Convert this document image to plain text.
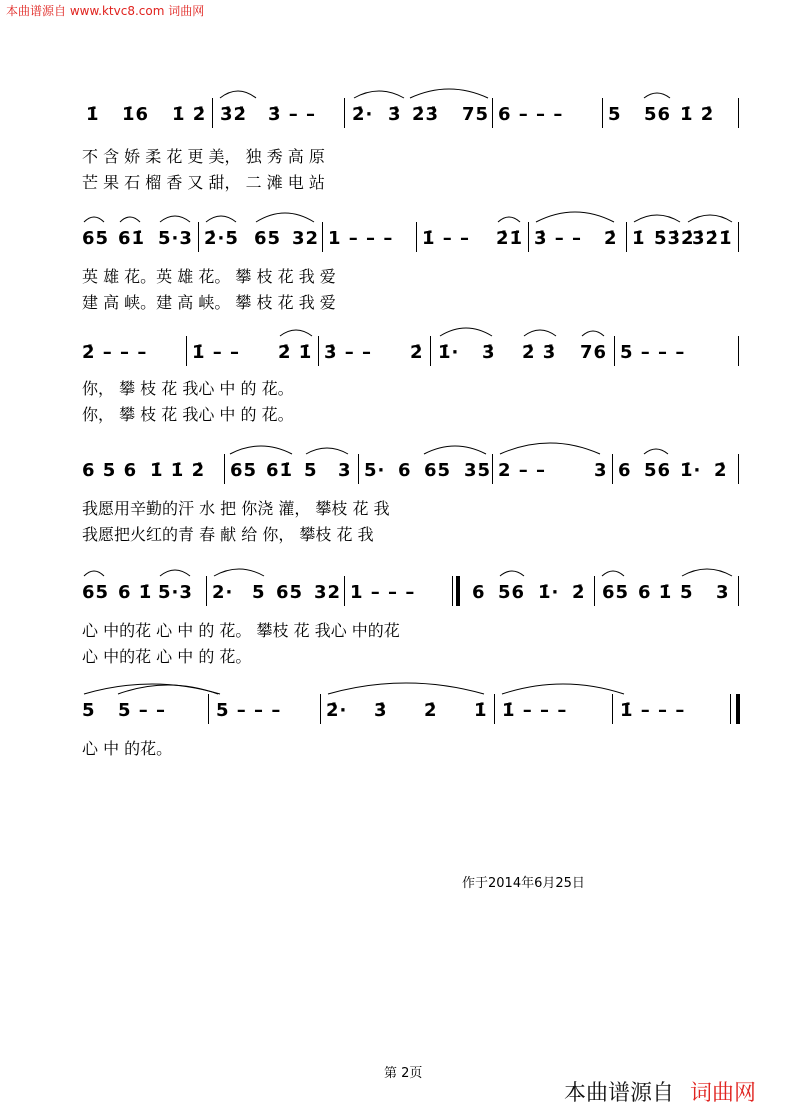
本曲谱源自 www.ktvc8.com 词曲网
1̇ 1̇6 1̇ 2̇ 3̇2̇ 3̇ – – 2̇· 3̇ 2̇3̇ 75 6 – – – 5 56 1̇ 2̇
不 含 娇 柔 花 更 美， 独 秀 高 原
芒 果 石 榴 香 又 甜， 二 滩 电 站
65 61̇ 5·3 2̇·5 65 32 1 – – – 1̇ – – 2̇1̇ 3̇ – – 2̇ 1̇ 5̇3̇2̇
3̇2̇1̇
英 雄 花。英 雄 花。 攀 枝 花 我 爱
建 高 峡。建 高 峡。 攀 枝 花 我 爱
2̇ – – – 1̇ – – 2̇ 1̇ 3̇ – – 2̇ 1̇· 3̇ 2̇ 3̇ 76 5 – – –
你， 攀 枝 花 我心 中 的 花。
你， 攀 枝 花 我心 中 的 花。
6 5 6 1̇ 1̇ 2̇ 65 61̇ 5 3 5· 6 65 35 2 – –	3 6 56 1̇· 2̇
我愿用辛勤的汗 水 把 你浇 灌， 攀枝 花 我
我愿把火红的青 春 献 给 你， 攀枝 花 我
65 6 1̇ 5·3 2· 5 65 32 1 – – –	6 56 1̇· 2̇ 65 6 1̇ 5 3
心 中的花 心 中 的 花。 攀枝 花 我心 中的花
心 中的花 心 中 的 花。
5 5 – –	5 – – – 2̇· 3̇ 2̇ 1̇ 1̇ – – –	1̇ – – –
心 中 的花。
作于2014年6月25日
第 2页
本曲谱源自 词曲网
